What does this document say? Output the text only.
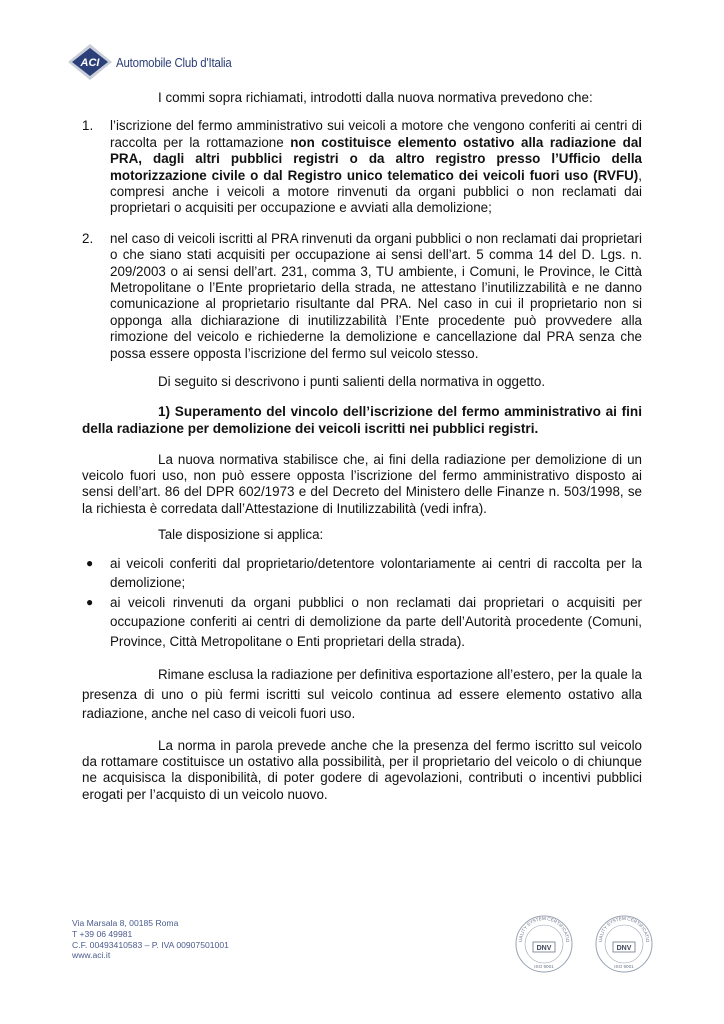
ACI Automobile Club d'Italia

I commi sopra richiamati, introdotti dalla nuova normativa prevedono che:

1. l’iscrizione del fermo amministrativo sui veicoli a motore che vengono conferiti ai centri di raccolta per la rottamazione non costituisce elemento ostativo alla radiazione dal PRA, dagli altri pubblici registri o da altro registro presso l’Ufficio della motorizzazione civile o dal Registro unico telematico dei veicoli fuori uso (RVFU), compresi anche i veicoli a motore rinvenuti da organi pubblici o non reclamati dai proprietari o acquisiti per occupazione e avviati alla demolizione;
2. nel caso di veicoli iscritti al PRA rinvenuti da organi pubblici o non reclamati dai proprietari o che siano stati acquisiti per occupazione ai sensi dell’art. 5 comma 14 del D. Lgs. n. 209/2003 o ai sensi dell’art. 231, comma 3, TU ambiente, i Comuni, le Province, le Città Metropolitane o l’Ente proprietario della strada, ne attestano l’inutilizzabilità e ne danno comunicazione al proprietario risultante dal PRA. Nel caso in cui il proprietario non si opponga alla dichiarazione di inutilizzabilità l’Ente procedente può provvedere alla rimozione del veicolo e richiederne la demolizione e cancellazione dal PRA senza che possa essere opposta l’iscrizione del fermo sul veicolo stesso.

Di seguito si descrivono i punti salienti della normativa in oggetto.

1) Superamento del vincolo dell’iscrizione del fermo amministrativo ai fini della radiazione per demolizione dei veicoli iscritti nei pubblici registri.

La nuova normativa stabilisce che, ai fini della radiazione per demolizione di un veicolo fuori uso, non può essere opposta l’iscrizione del fermo amministrativo disposto ai sensi dell’art. 86 del DPR 602/1973 e del Decreto del Ministero delle Finanze n. 503/1998, se la richiesta è corredata dall’Attestazione di Inutilizzabilità (vedi infra).

Tale disposizione si applica:

● ai veicoli conferiti dal proprietario/detentore volontariamente ai centri di raccolta per la demolizione;
● ai veicoli rinvenuti da organi pubblici o non reclamati dai proprietari o acquisiti per occupazione conferiti ai centri di demolizione da parte dell’Autorità procedente (Comuni, Province, Città Metropolitane o Enti proprietari della strada).

Rimane esclusa la radiazione per definitiva esportazione all’estero, per la quale la presenza di uno o più fermi iscritti sul veicolo continua ad essere elemento ostativo alla radiazione, anche nel caso di veicoli fuori uso.

La norma in parola prevede anche che la presenza del fermo iscritto sul veicolo da rottamare costituisce un ostativo alla possibilità, per il proprietario del veicolo o di chiunque ne acquisisca la disponibilità, di poter godere di agevolazioni, contributi o incentivi pubblici erogati per l’acquisto di un veicolo nuovo.

Via Marsala 8, 00185 Roma
T +39 06 49981
C.F. 00493410583 – P. IVA 00907501001
www.aci.it
UALITY SYSTEM CERTIFICATIO
DNV
ISO 9001
UALITY SYSTEM CERTIFICATIO
DNV
ISO 9001
